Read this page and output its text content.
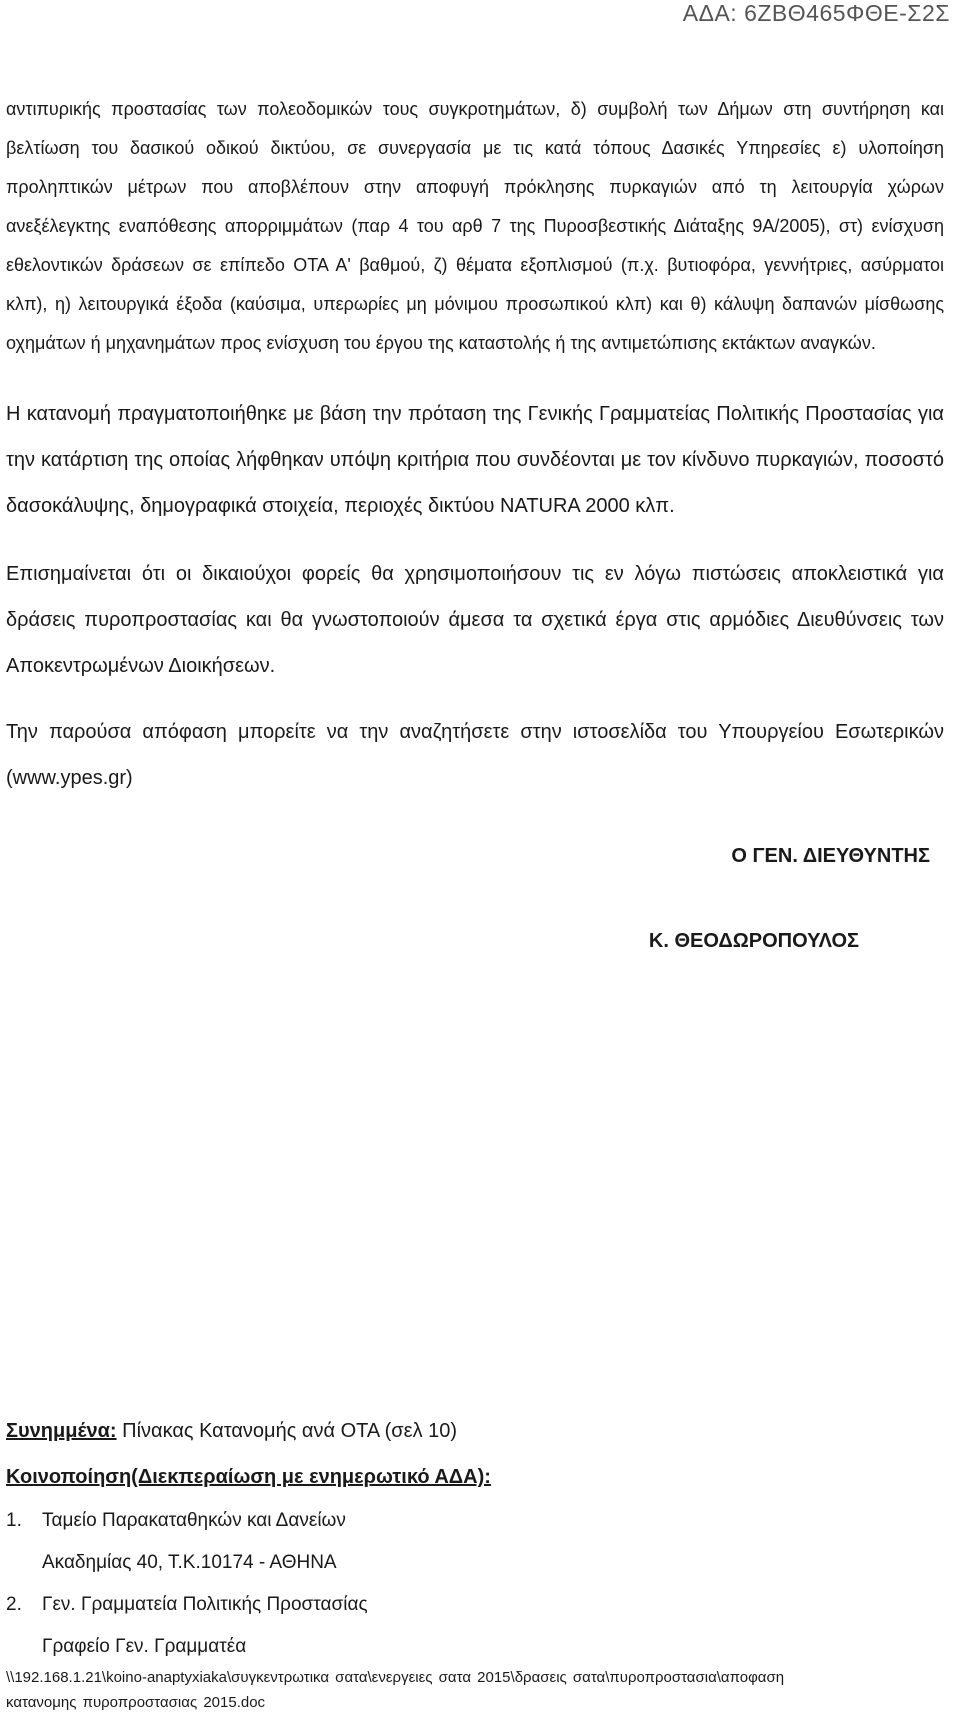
ΑΔΑ: 6ΖΒΘ465ΦΘΕ-Σ2Σ

αντιπυρικής προστασίας των πολεοδομικών τους συγκροτημάτων, δ) συμβολή των Δήμων στη συντήρηση και βελτίωση του δασικού οδικού δικτύου, σε συνεργασία με τις κατά τόπους Δασικές Υπηρεσίες ε) υλοποίηση προληπτικών μέτρων που αποβλέπουν στην αποφυγή πρόκλησης πυρκαγιών από τη λειτουργία χώρων ανεξέλεγκτης εναπόθεσης απορριμμάτων (παρ 4 του αρθ 7 της Πυροσβεστικής Διάταξης 9Α/2005), στ) ενίσχυση εθελοντικών δράσεων σε επίπεδο ΟΤΑ Α' βαθμού, ζ) θέματα εξοπλισμού (π.χ. βυτιοφόρα, γεννήτριες, ασύρματοι κλπ), η) λειτουργικά έξοδα (καύσιμα, υπερωρίες μη μόνιμου προσωπικού κλπ) και θ) κάλυψη δαπανών μίσθωσης οχημάτων ή μηχανημάτων προς ενίσχυση του έργου της καταστολής ή της αντιμετώπισης εκτάκτων αναγκών.

Η κατανομή πραγματοποιήθηκε με βάση την πρόταση της Γενικής Γραμματείας Πολιτικής Προστασίας για την κατάρτιση της οποίας λήφθηκαν υπόψη κριτήρια που συνδέονται με τον κίνδυνο πυρκαγιών, ποσοστό δασοκάλυψης, δημογραφικά στοιχεία, περιοχές δικτύου NATURA 2000 κλπ.

Επισημαίνεται ότι οι δικαιούχοι φορείς θα χρησιμοποιήσουν τις εν λόγω πιστώσεις αποκλειστικά για δράσεις πυροπροστασίας και θα γνωστοποιούν άμεσα τα σχετικά έργα στις αρμόδιες Διευθύνσεις των Αποκεντρωμένων Διοικήσεων.

Την παρούσα απόφαση μπορείτε να την αναζητήσετε στην ιστοσελίδα του Υπουργείου Εσωτερικών (www.ypes.gr)

Ο ΓΕΝ. ΔΙΕΥΘΥΝΤΗΣ

Κ. ΘΕΟΔΩΡΟΠΟΥΛΟΣ

Συνημμένα: Πίνακας Κατανομής ανά ΟΤΑ (σελ 10)

Κοινοποίηση(Διεκπεραίωση με ενημερωτικό ΑΔΑ):

1. Ταμείο Παρακαταθηκών και Δανείων
Ακαδημίας 40, Τ.Κ.10174 - ΑΘΗΝΑ
2. Γεν. Γραμματεία Πολιτικής Προστασίας
Γραφείο Γεν. Γραμματέα
\\192.168.1.21\koino-anaptyxiaka\συγκεντρωτικα σατα\ενεργειες σατα 2015\δρασεις σατα\πυροπροστασια\αποφαση
κατανομης πυροπροστασιας 2015.doc
